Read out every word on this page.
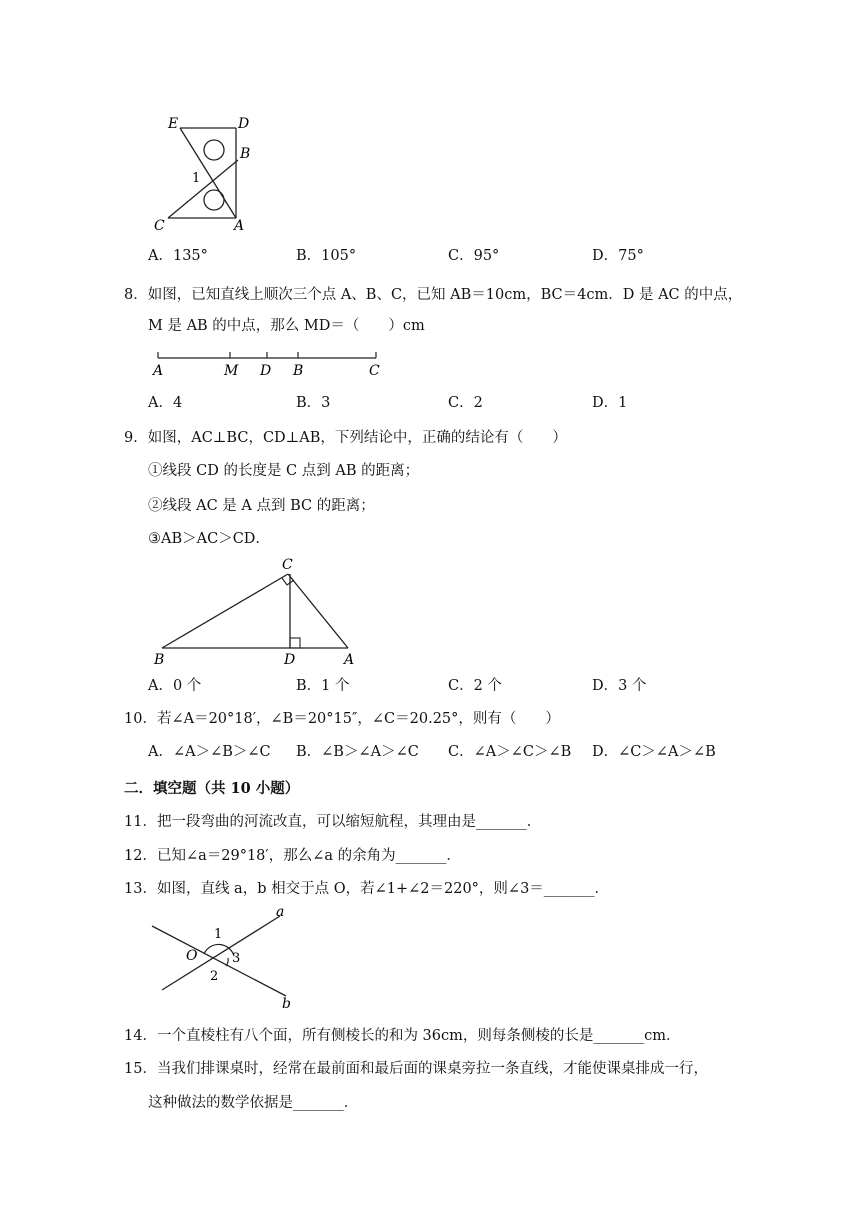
E	D
B
1
C	A
A．135°	B．105°	C．95°	D．75°
8．如图，已知直线上顺次三个点 A、B、C，已知 AB＝10cm，BC＝4cm．D 是 AC 的中点，
M 是 AB 的中点，那么 MD＝（　　）cm
A	M D B	C
A．4	B．3	C．2	D．1
9．如图，AC⊥BC，CD⊥AB，下列结论中，正确的结论有（　　）
①线段 CD 的长度是 C 点到 AB 的距离；
②线段 AC 是 A 点到 BC 的距离；
③AB＞AC＞CD．
C
B	D	A
A．0 个	B．1 个	C．2 个	D．3 个
10．若∠A＝20°18′，∠B＝20°15″，∠C＝20.25°，则有（　　）
A．∠A＞∠B＞∠C B．∠B＞∠A＞∠C C．∠A＞∠C＞∠B D．∠C＞∠A＞∠B
二．填空题（共 10 小题）
11．把一段弯曲的河流改直，可以缩短航程，其理由是_______．
12．已知∠a＝29°18′，那么∠a 的余角为_______．
13．如图，直线 a，b 相交于点 O，若∠1+∠2＝220°，则∠3＝_______．
a
b
O
1
2
3
14．一个直棱柱有八个面，所有侧棱长的和为 36cm，则每条侧棱的长是_______cm．
15．当我们排课桌时，经常在最前面和最后面的课桌旁拉一条直线，才能使课桌排成一行，
这种做法的数学依据是_______．
